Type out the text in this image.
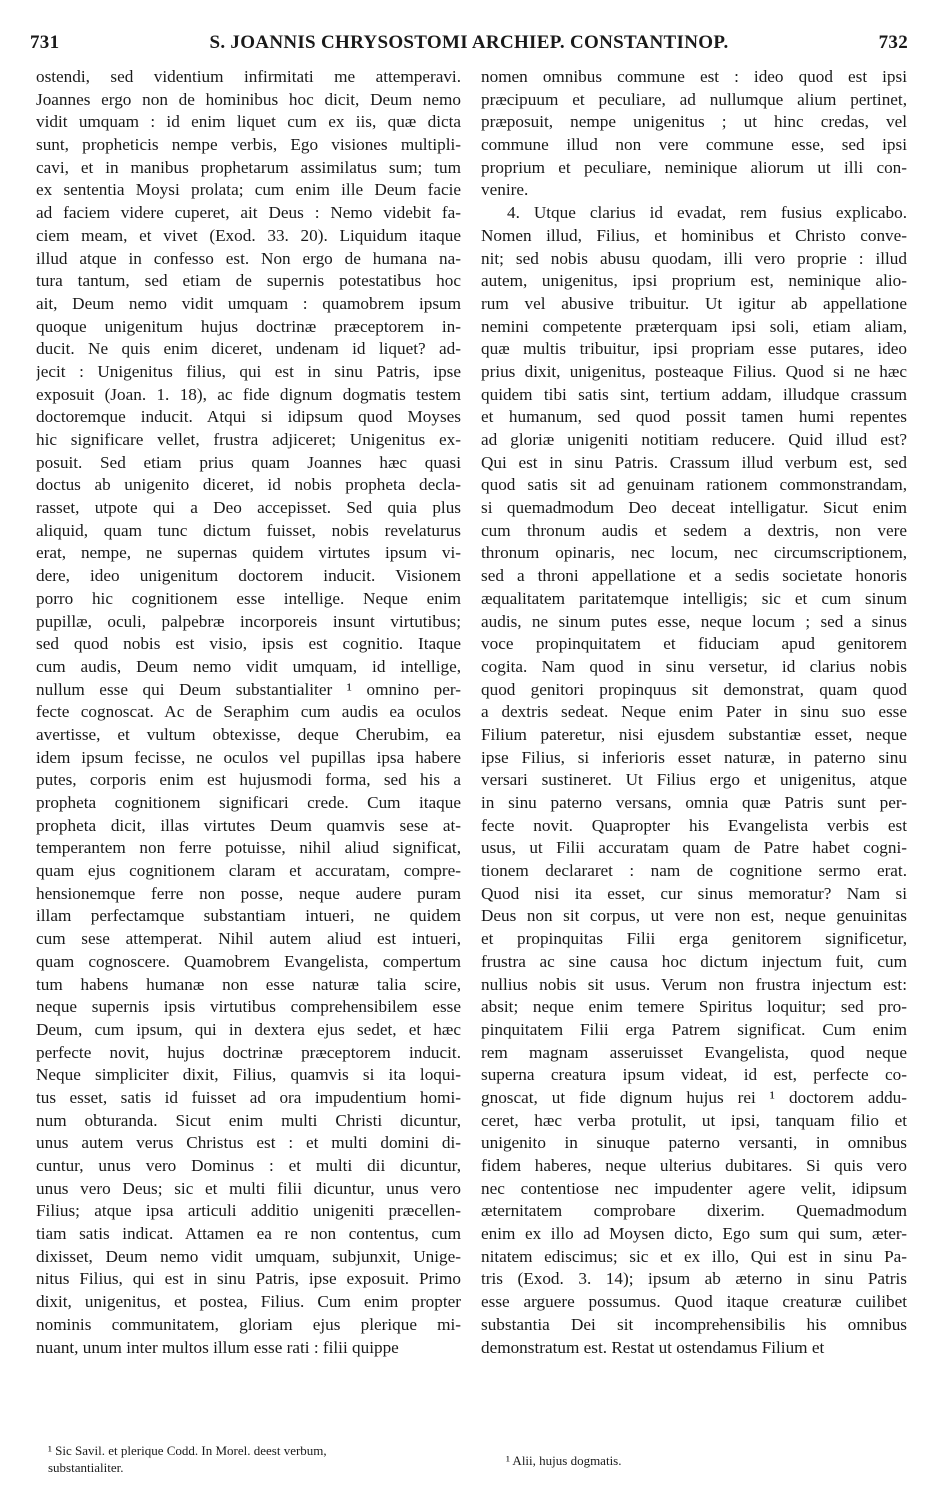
731	S. JOANNIS CHRYSOSTOMI ARCHIEP. CONSTANTINOP.	732
ostendi, sed videntium infirmitati me attemperavi.
Joannes ergo non de hominibus hoc dicit, Deum nemo
vidit umquam : id enim liquet cum ex iis, quæ dicta
sunt, propheticis nempe verbis, Ego visiones multipli-
cavi, et in manibus prophetarum assimilatus sum; tum
ex sententia Moysi prolata; cum enim ille Deum facie
ad faciem videre cuperet, ait Deus : Nemo videbit fa-
ciem meam, et vivet (Exod. 33. 20). Liquidum itaque
illud atque in confesso est. Non ergo de humana na-
tura tantum, sed etiam de supernis potestatibus hoc
ait, Deum nemo vidit umquam : quamobrem ipsum
quoque unigenitum hujus doctrinæ præceptorem in-
ducit. Ne quis enim diceret, undenam id liquet? ad-
jecit : Unigenitus filius, qui est in sinu Patris, ipse
exposuit (Joan. 1. 18), ac fide dignum dogmatis testem
doctoremque inducit. Atqui si idipsum quod Moyses
hic significare vellet, frustra adjiceret; Unigenitus ex-
posuit. Sed etiam prius quam Joannes hæc quasi
doctus ab unigenito diceret, id nobis propheta decla-
rasset, utpote qui a Deo accepisset. Sed quia plus
aliquid, quam tunc dictum fuisset, nobis revelaturus
erat, nempe, ne supernas quidem virtutes ipsum vi-
dere, ideo unigenitum doctorem inducit. Visionem
porro hic cognitionem esse intellige. Neque enim
pupillæ, oculi, palpebræ incorporeis insunt virtutibus;
sed quod nobis est visio, ipsis est cognitio. Itaque
cum audis, Deum nemo vidit umquam, id intellige,
nullum esse qui Deum substantialiter ¹ omnino per-
fecte cognoscat. Ac de Seraphim cum audis ea oculos
avertisse, et vultum obtexisse, deque Cherubim, ea
idem ipsum fecisse, ne oculos vel pupillas ipsa habere
putes, corporis enim est hujusmodi forma, sed his a
propheta cognitionem significari crede. Cum itaque
propheta dicit, illas virtutes Deum quamvis sese at-
temperantem non ferre potuisse, nihil aliud significat,
quam ejus cognitionem claram et accuratam, compre-
hensionemque ferre non posse, neque audere puram
illam perfectamque substantiam intueri, ne quidem
cum sese attemperat. Nihil autem aliud est intueri,
quam cognoscere. Quamobrem Evangelista, compertum
tum habens humanæ non esse naturæ talia scire,
neque supernis ipsis virtutibus comprehensibilem esse
Deum, cum ipsum, qui in dextera ejus sedet, et hæc
perfecte novit, hujus doctrinæ præceptorem inducit.
Neque simpliciter dixit, Filius, quamvis si ita loqui-
tus esset, satis id fuisset ad ora impudentium homi-
num obturanda. Sicut enim multi Christi dicuntur,
unus autem verus Christus est : et multi domini di-
cuntur, unus vero Dominus : et multi dii dicuntur,
unus vero Deus; sic et multi filii dicuntur, unus vero
Filius; atque ipsa articuli additio unigeniti præcellen-
tiam satis indicat. Attamen ea re non contentus, cum
dixisset, Deum nemo vidit umquam, subjunxit, Unige-
nitus Filius, qui est in sinu Patris, ipse exposuit. Primo
dixit, unigenitus, et postea, Filius. Cum enim propter
nominis communitatem, gloriam ejus plerique mi-
nuant, unum inter multos illum esse rati : filii quippe
nomen omnibus commune est : ideo quod est ipsi
præcipuum et peculiare, ad nullumque alium pertinet,
præposuit, nempe unigenitus ; ut hinc credas, vel
commune illud non vere commune esse, sed ipsi
proprium et peculiare, neminique aliorum ut illi con-
venire.
4. Utque clarius id evadat, rem fusius explicabo.
Nomen illud, Filius, et hominibus et Christo conve-
nit; sed nobis abusu quodam, illi vero proprie : illud
autem, unigenitus, ipsi proprium est, neminique alio-
rum vel abusive tribuitur. Ut igitur ab appellatione
nemini competente præterquam ipsi soli, etiam aliam,
quæ multis tribuitur, ipsi propriam esse putares, ideo
prius dixit, unigenitus, posteaque Filius. Quod si ne hæc
quidem tibi satis sint, tertium addam, illudque crassum
et humanum, sed quod possit tamen humi repentes
ad gloriæ unigeniti notitiam reducere. Quid illud est?
Qui est in sinu Patris. Crassum illud verbum est, sed
quod satis sit ad genuinam rationem commonstrandam,
si quemadmodum Deo deceat intelligatur. Sicut enim
cum thronum audis et sedem a dextris, non vere
thronum opinaris, nec locum, nec circumscriptionem,
sed a throni appellatione et a sedis societate honoris
æqualitatem paritatemque intelligis; sic et cum sinum
audis, ne sinum putes esse, neque locum ; sed a sinus
voce propinquitatem et fiduciam apud genitorem
cogita. Nam quod in sinu versetur, id clarius nobis
quod genitori propinquus sit demonstrat, quam quod
a dextris sedeat. Neque enim Pater in sinu suo esse
Filium pateretur, nisi ejusdem substantiæ esset, neque
ipse Filius, si inferioris esset naturæ, in paterno sinu
versari sustineret. Ut Filius ergo et unigenitus, atque
in sinu paterno versans, omnia quæ Patris sunt per-
fecte novit. Quapropter his Evangelista verbis est
usus, ut Filii accuratam quam de Patre habet cogni-
tionem declararet : nam de cognitione sermo erat.
Quod nisi ita esset, cur sinus memoratur? Nam si
Deus non sit corpus, ut vere non est, neque genuinitas
et propinquitas Filii erga genitorem significetur,
frustra ac sine causa hoc dictum injectum fuit, cum
nullius nobis sit usus. Verum non frustra injectum est:
absit; neque enim temere Spiritus loquitur; sed pro-
pinquitatem Filii erga Patrem significat. Cum enim
rem magnam asseruisset Evangelista, quod neque
superna creatura ipsum videat, id est, perfecte co-
gnoscat, ut fide dignum hujus rei ¹ doctorem addu-
ceret, hæc verba protulit, ut ipsi, tanquam filio et
unigenito in sinuque paterno versanti, in omnibus
fidem haberes, neque ulterius dubitares. Si quis vero
nec contentiose nec impudenter agere velit, idipsum
æternitatem comprobare dixerim. Quemadmodum
enim ex illo ad Moysen dicto, Ego sum qui sum, æter-
nitatem ediscimus; sic et ex illo, Qui est in sinu Pa-
tris (Exod. 3. 14); ipsum ab æterno in sinu Patris
esse arguere possumus. Quod itaque creaturæ cuilibet
substantia Dei sit incomprehensibilis his omnibus
demonstratum est. Restat ut ostendamus Filium et
¹ Sic Savil. et plerique Codd. In Morel. deest verbum,
substantialiter.	¹ Alii, hujus dogmatis.
